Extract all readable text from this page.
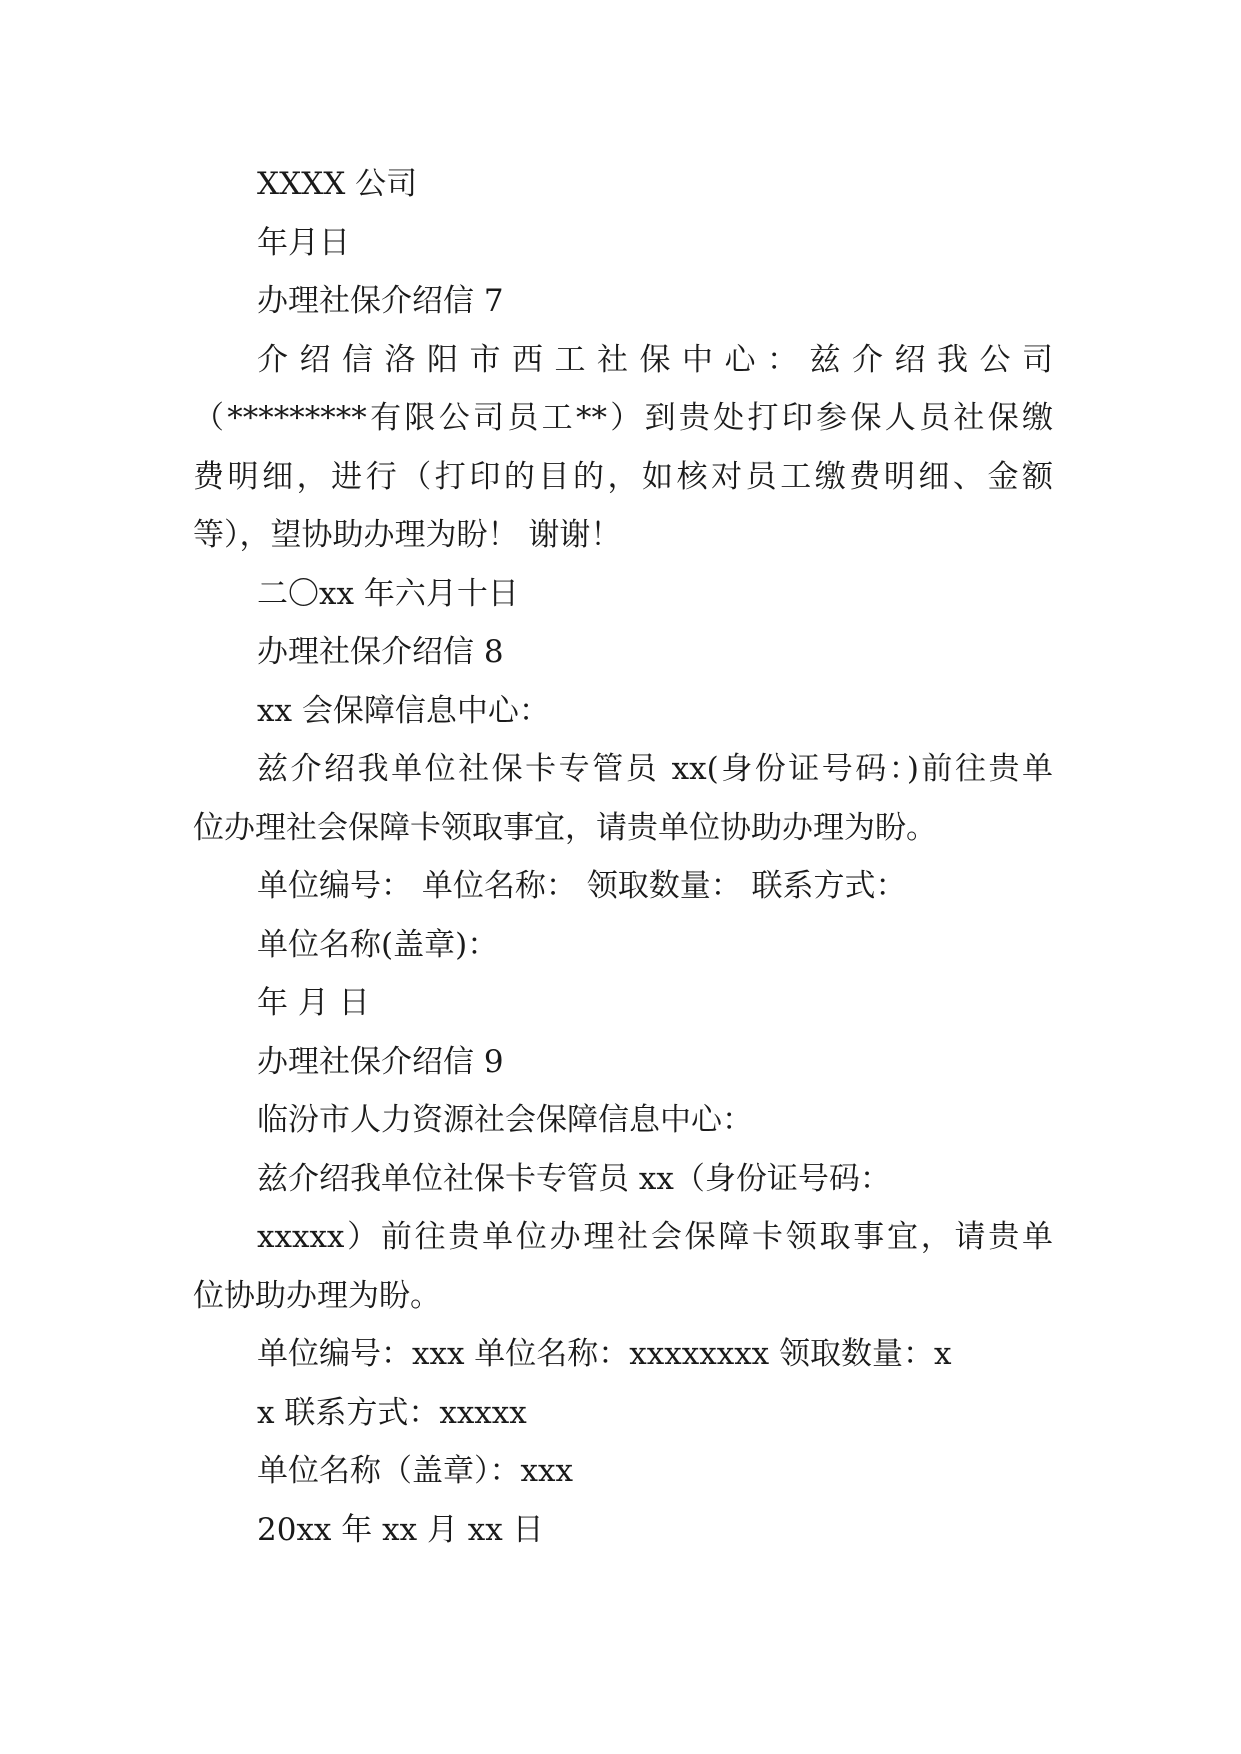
XXXX 公司
年月日
办理社保介绍信 7
介 绍 信 洛 阳 市 西 工 社 保 中 心 ： 兹 介 绍 我 公 司
（*********有限公司员工**）到贵处打印参保人员社保缴
费明细，进行（打印的目的，如核对员工缴费明细、金额
等），望协助办理为盼！ 谢谢！
二〇xx 年六月十日
办理社保介绍信 8
xx 会保障信息中心：
兹介绍我单位社保卡专管员 xx(身份证号码：)前往贵单
位办理社会保障卡领取事宜，请贵单位协助办理为盼。
单位编号： 单位名称： 领取数量： 联系方式：
单位名称(盖章)：
年 月 日
办理社保介绍信 9
临汾市人力资源社会保障信息中心：
兹介绍我单位社保卡专管员 xx（身份证号码：
xxxxx）前往贵单位办理社会保障卡领取事宜，请贵单
位协助办理为盼。
单位编号：xxx 单位名称：xxxxxxxx 领取数量：x
x 联系方式：xxxxx
单位名称（盖章）：xxx
20xx 年 xx 月 xx 日
